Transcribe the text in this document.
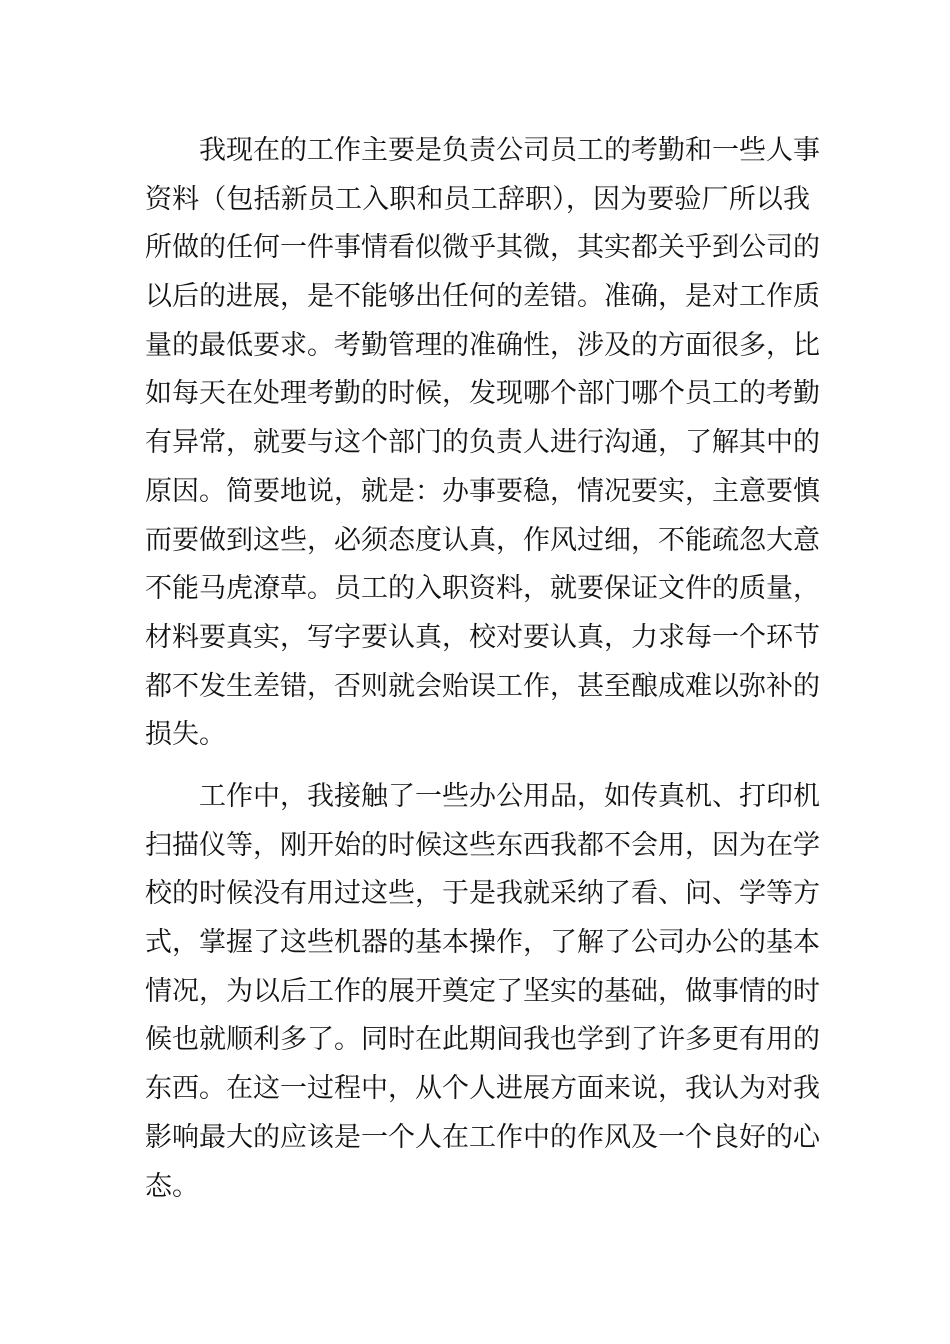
我现在的工作主要是负责公司员工的考勤和一些人事
资料（包括新员工入职和员工辞职），因为要验厂所以我
所做的任何一件事情看似微乎其微，其实都关乎到公司的
以后的进展，是不能够出任何的差错。准确，是对工作质
量的最低要求。考勤管理的准确性，涉及的方面很多，比
如每天在处理考勤的时候，发现哪个部门哪个员工的考勤
有异常，就要与这个部门的负责人进行沟通，了解其中的
原因。简要地说，就是：办事要稳，情况要实，主意要慎
而要做到这些，必须态度认真，作风过细，不能疏忽大意
不能马虎潦草。员工的入职资料，就要保证文件的质量，
材料要真实，写字要认真，校对要认真，力求每一个环节
都不发生差错，否则就会贻误工作，甚至酿成难以弥补的
损失。
工作中，我接触了一些办公用品，如传真机、打印机
扫描仪等，刚开始的时候这些东西我都不会用，因为在学
校的时候没有用过这些，于是我就采纳了看、问、学等方
式，掌握了这些机器的基本操作，了解了公司办公的基本
情况，为以后工作的展开奠定了坚实的基础，做事情的时
候也就顺利多了。同时在此期间我也学到了许多更有用的
东西。在这一过程中，从个人进展方面来说，我认为对我
影响最大的应该是一个人在工作中的作风及一个良好的心
态。
